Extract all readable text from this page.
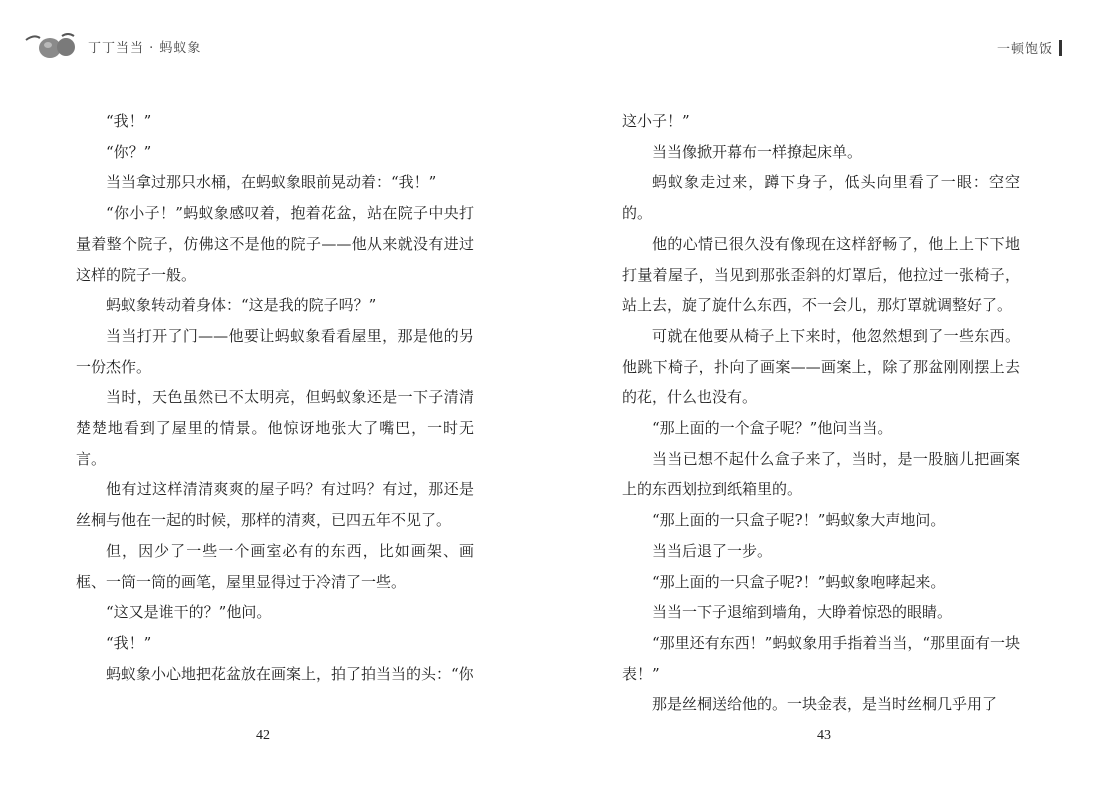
丁丁当当 · 蚂蚁象	一顿饱饭

“我！”

“你？”

当当拿过那只水桶，在蚂蚁象眼前晃动着：“我！”

“你小子！”蚂蚁象感叹着，抱着花盆，站在院子中央打量着整个院子，仿佛这不是他的院子——他从来就没有进过这样的院子一般。

蚂蚁象转动着身体：“这是我的院子吗？”

当当打开了门——他要让蚂蚁象看看屋里，那是他的另一份杰作。

当时，天色虽然已不太明亮，但蚂蚁象还是一下子清清楚楚地看到了屋里的情景。他惊讶地张大了嘴巴，一时无言。

他有过这样清清爽爽的屋子吗？有过吗？有过，那还是丝桐与他在一起的时候，那样的清爽，已四五年不见了。

但，因少了一些一个画室必有的东西，比如画架、画框、一筒一筒的画笔，屋里显得过于冷清了一些。

“这又是谁干的？”他问。

“我！”

蚂蚁象小心地把花盆放在画案上，拍了拍当当的头：“你

这小子！”

当当像掀开幕布一样撩起床单。

蚂蚁象走过来，蹲下身子，低头向里看了一眼：空空的。

他的心情已很久没有像现在这样舒畅了，他上上下下地打量着屋子，当见到那张歪斜的灯罩后，他拉过一张椅子，站上去，旋了旋什么东西，不一会儿，那灯罩就调整好了。

可就在他要从椅子上下来时，他忽然想到了一些东西。他跳下椅子，扑向了画案——画案上，除了那盆刚刚摆上去的花，什么也没有。

“那上面的一个盒子呢？”他问当当。

当当已想不起什么盒子来了，当时，是一股脑儿把画案上的东西划拉到纸箱里的。

“那上面的一只盒子呢?！”蚂蚁象大声地问。

当当后退了一步。

“那上面的一只盒子呢?！”蚂蚁象咆哮起来。

当当一下子退缩到墙角，大睁着惊恐的眼睛。

“那里还有东西！”蚂蚁象用手指着当当，“那里面有一块表！”

那是丝桐送给他的。一块金表，是当时丝桐几乎用了

42	43
